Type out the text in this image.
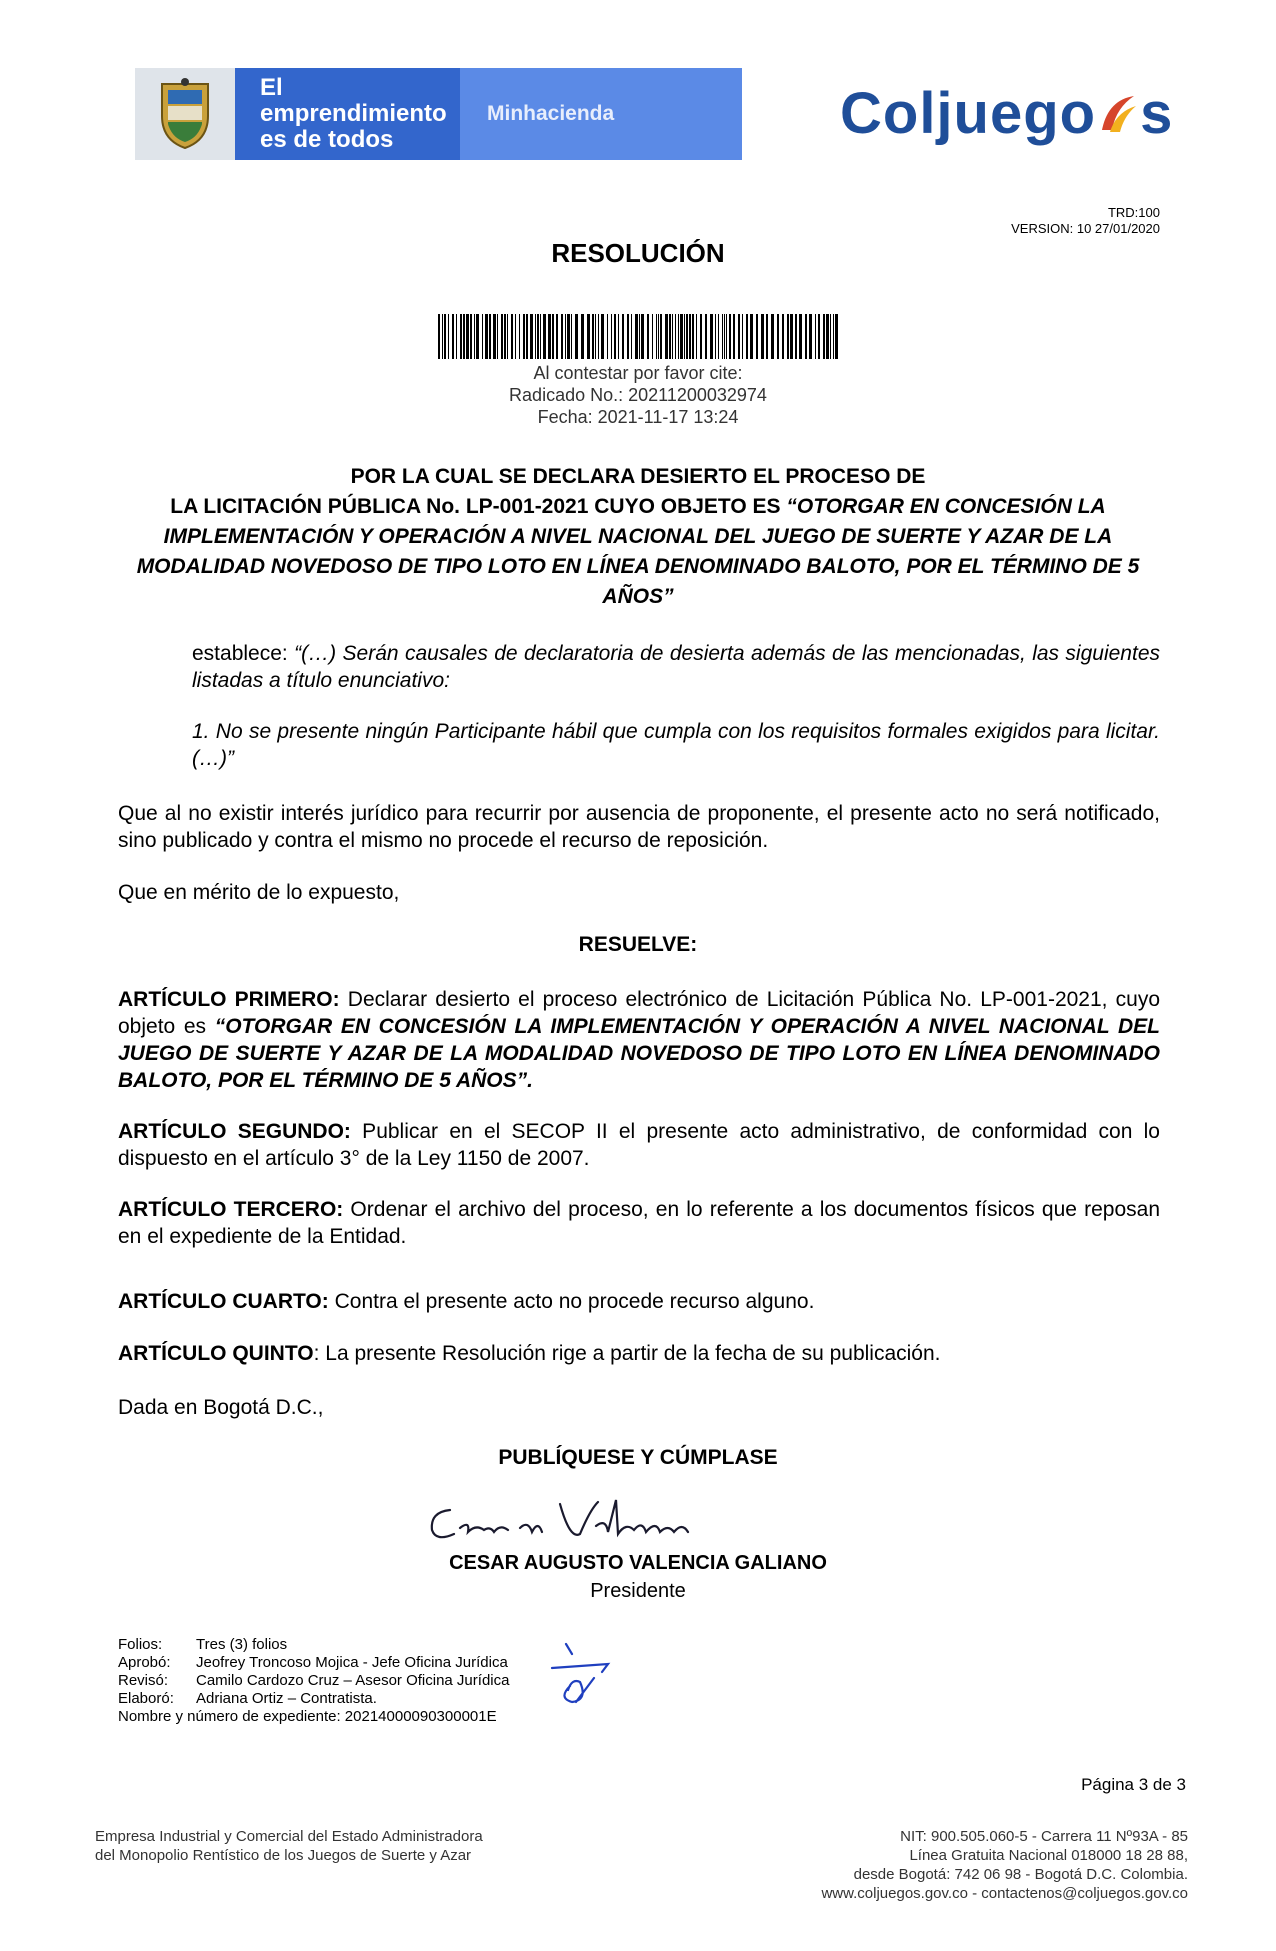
El emprendimiento
es de todos
Minhacienda	Colj uego s
TRD:100
VERSION: 10 27/01/2020
RESOLUCIÓN
Al contestar por favor cite:
Radicado No.: 20211200032974
Fecha: 2021-11-17 13:24
POR LA CUAL SE DECLARA DESIERTO EL PROCESO DE
LA LICITACIÓN PÚBLICA No. LP-001-2021 CUYO OBJETO ES “OTORGAR EN CONCESIÓN LA IMPLEMENTACIÓN Y OPERACIÓN A NIVEL NACIONAL DEL JUEGO DE SUERTE Y AZAR DE LA MODALIDAD NOVEDOSO DE TIPO LOTO EN LÍNEA DENOMINADO BALOTO, POR EL TÉRMINO DE 5 AÑOS”
establece: “(…) Serán causales de declaratoria de desierta además de las mencionadas, las siguientes listadas a título enunciativo:
1. No se presente ningún Participante hábil que cumpla con los requisitos formales exigidos para licitar. (…)”
Que al no existir interés jurídico para recurrir por ausencia de proponente, el presente acto no será notificado, sino publicado y contra el mismo no procede el recurso de reposición.
Que en mérito de lo expuesto,
RESUELVE:
ARTÍCULO PRIMERO: Declarar desierto el proceso electrónico de Licitación Pública No. LP-001-2021, cuyo objeto es “OTORGAR EN CONCESIÓN LA IMPLEMENTACIÓN Y OPERACIÓN A NIVEL NACIONAL DEL JUEGO DE SUERTE Y AZAR DE LA MODALIDAD NOVEDOSO DE TIPO LOTO EN LÍNEA DENOMINADO BALOTO, POR EL TÉRMINO DE 5 AÑOS”.
ARTÍCULO SEGUNDO: Publicar en el SECOP II el presente acto administrativo, de conformidad con lo dispuesto en el artículo 3° de la Ley 1150 de 2007.
ARTÍCULO TERCERO: Ordenar el archivo del proceso, en lo referente a los documentos físicos que reposan en el expediente de la Entidad.
ARTÍCULO CUARTO: Contra el presente acto no procede recurso alguno.
ARTÍCULO QUINTO: La presente Resolución rige a partir de la fecha de su publicación.
Dada en Bogotá D.C.,
PUBLÍQUESE Y CÚMPLASE
CESAR AUGUSTO VALENCIA GALIANO
Presidente
Folios:	Tres (3) folios
Aprobó:	Jeofrey Troncoso Mojica - Jefe Oficina Jurídica
Revisó:	Camilo Cardozo Cruz – Asesor Oficina Jurídica
Elaboró:	Adriana Ortiz – Contratista.
Nombre y número de expediente: 20214000090300001E
Página 3 de 3
Empresa Industrial y Comercial del Estado Administradora
del Monopolio Rentístico de los Juegos de Suerte y Azar
NIT: 900.505.060-5 - Carrera 11 Nº93A - 85
Línea Gratuita Nacional 018000 18 28 88,
desde Bogotá: 742 06 98 - Bogotá D.C. Colombia.
www.coljuegos.gov.co - contactenos@coljuegos.gov.co
